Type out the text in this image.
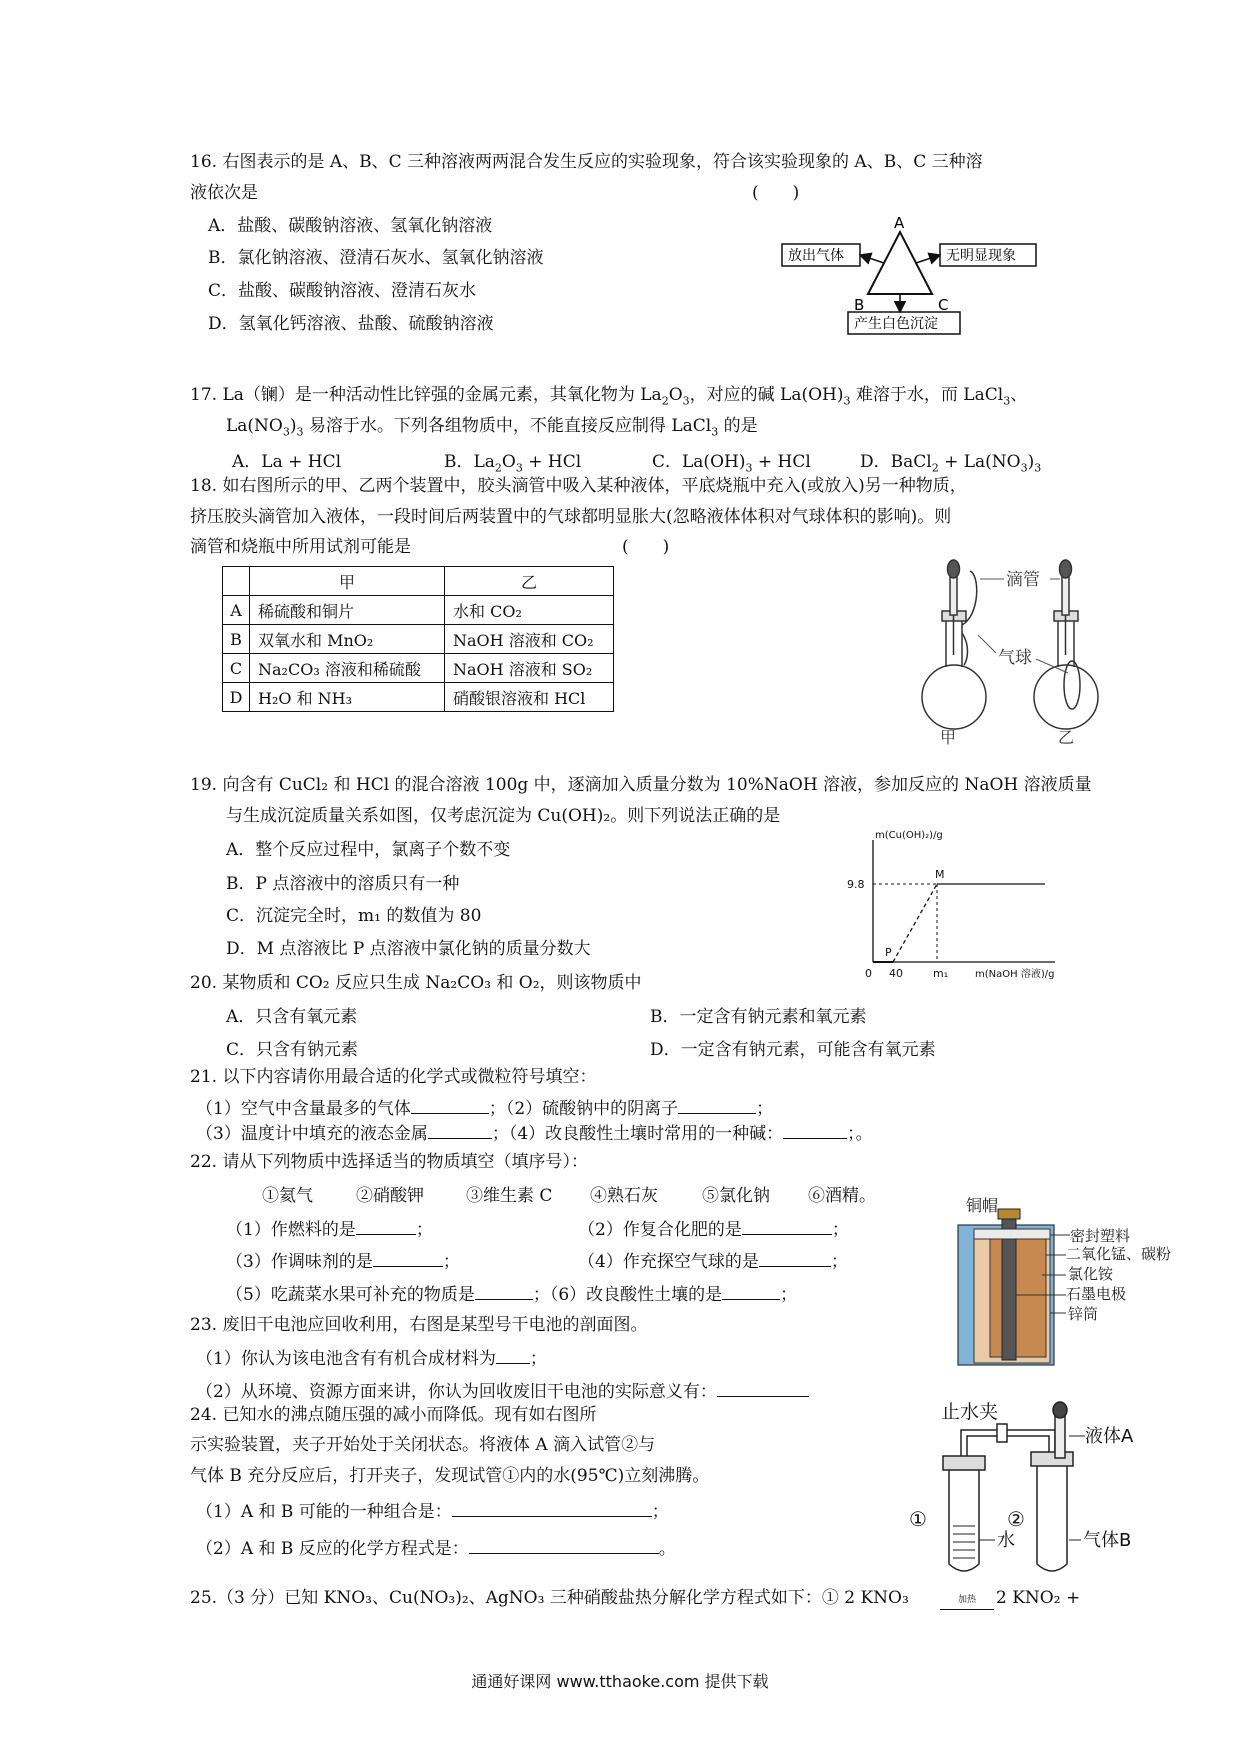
16. 右图表示的是 A、B、C 三种溶液两两混合发生反应的实验现象，符合该实验现象的 A、B、C 三种溶
液依次是	(　　)
A．盐酸、碳酸钠溶液、氢氧化钠溶液
B．氯化钠溶液、澄清石灰水、氢氧化钠溶液
C．盐酸、碳酸钠溶液、澄清石灰水
D．氢氧化钙溶液、盐酸、硫酸钠溶液
A
B	C
放出气体	无明显现象
产生白色沉淀
17. La（镧）是一种活动性比锌强的金属元素，其氧化物为 $La_2O_3$，对应的碱 $La(OH)_3$ 难溶于水，而 LaCl$_3$、
$La(NO_3)_3$ 易溶于水。下列各组物质中，不能直接反应制得 LaCl$_3$ 的是
A．La + HCl	B．$La_2O_3$ + HCl	C．$La(OH)_3$ + HCl	D．BaCl$_2$ + $La(NO_3)_3$
18. 如右图所示的甲、乙两个装置中，胶头滴管中吸入某种液体，平底烧瓶中充入(或放入)另一种物质，
挤压胶头滴管加入液体，一段时间后两装置中的气球都明显胀大(忽略液体体积对气球体积的影响)。则
滴管和烧瓶中所用试剂可能是	(　　)
	甲	乙
A	稀硫酸和铜片	水和 CO₂
B	双氧水和 MnO₂	NaOH 溶液和 CO₂
C	Na₂CO₃ 溶液和稀硫酸	NaOH 溶液和 SO₂
D	H₂O 和 NH₃	硝酸银溶液和 HCl
滴管
气球
甲	乙
19. 向含有 CuCl₂ 和 HCl 的混合溶液 100g 中，逐滴加入质量分数为 10%NaOH 溶液，参加反应的 NaOH 溶液质量
与生成沉淀质量关系如图，仅考虑沉淀为 Cu(OH)₂。则下列说法正确的是
A．整个反应过程中，氯离子个数不变
B．P 点溶液中的溶质只有一种
C．沉淀完全时，m₁ 的数值为 80
D．M 点溶液比 P 点溶液中氯化钠的质量分数大
m(Cu(OH)₂)/g
m(NaOH 溶液)/g
9.8
0 40	m₁
P
M
20. 某物质和 CO₂ 反应只生成 Na₂CO₃ 和 O₂，则该物质中
A．只含有氧元素	B．一定含有钠元素和氧元素
C．只含有钠元素	D．一定含有钠元素，可能含有氧元素
21. 以下内容请你用最合适的化学式或微粒符号填空：
（1）空气中含量最多的气体	；（2）硫酸钠中的阴离子	；
（3）温度计中填充的液态金属	；（4）改良酸性土壤时常用的一种碱：	；。
22. 请从下列物质中选择适当的物质填空（填序号）：
①氦气	②硝酸钾 ③维生素 C ④熟石灰	⑤氯化钠 ⑥酒精。
（1）作燃料的是	；	（2）作复合化肥的是	；
（3）作调味剂的是	；	（4）作充探空气球的是	；
（5）吃蔬菜水果可补充的物质是	；（6）改良酸性土壤的是	；
铜帽
密封塑料
二氧化锰、碳粉
氯化铵
石墨电极
锌筒
23. 废旧干电池应回收利用，右图是某型号干电池的剖面图。
（1）你认为该电池含有有机合成材料为 ；
（2）从环境、资源方面来讲，你认为回收废旧干电池的实际意义有：
24. 已知水的沸点随压强的减小而降低。现有如右图所
示实验装置，夹子开始处于关闭状态。将液体 A 滴入试管②与
气体 B 充分反应后，打开夹子，发现试管①内的水(95℃)立刻沸腾。
（1）A 和 B 可能的一种组合是：	；
（2）A 和 B 反应的化学方程式是：	。
止水夹
①	②
水
液体A
气体B
25.（3 分）已知 KNO₃、Cu(NO₃)₂、AgNO₃ 三种硝酸盐热分解化学方程式如下：① 2 KNO₃	加热	2 KNO₂ +
通通好课网 www.tthaoke.com 提供下载
